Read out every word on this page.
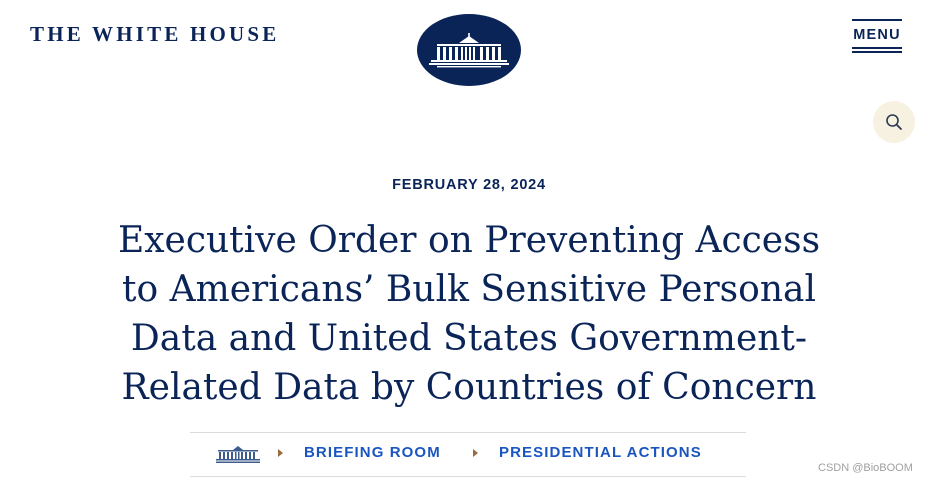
THE WHITE HOUSE	MENU
FEBRUARY 28, 2024
Executive Order on Preventing Access to Americans’ Bulk Sensitive Personal Data and United States Government-Related Data by Countries of Concern
BRIEFING ROOM	PRESIDENTIAL ACTIONS
CSDN @BioBOOM
